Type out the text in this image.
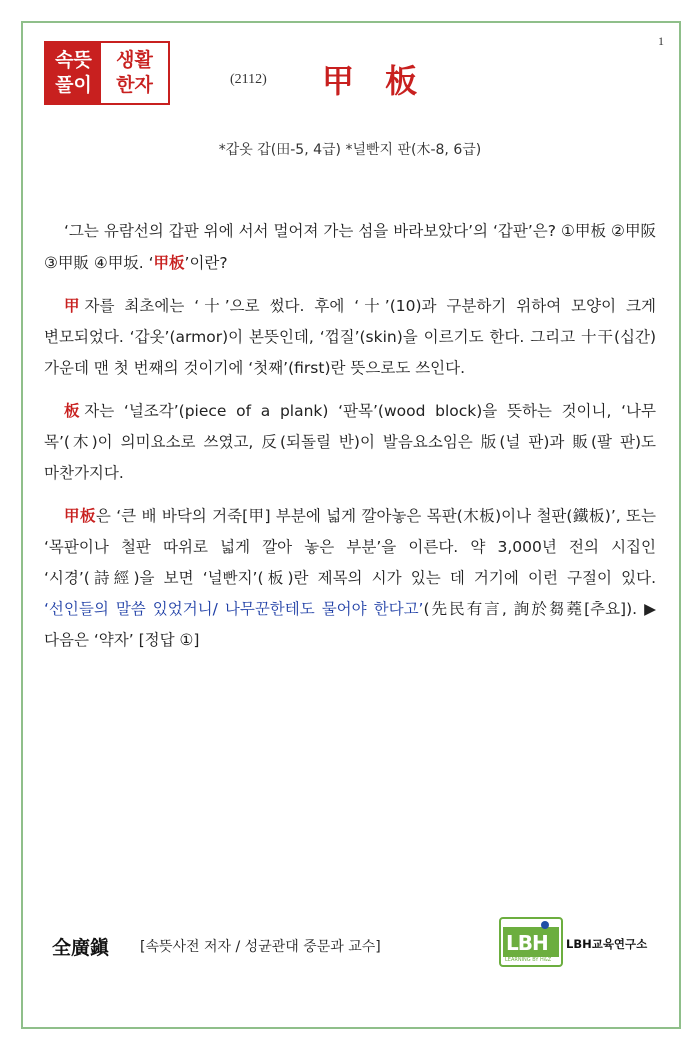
1
속뜻
풀이
생활
한자	(2112) 甲 板
*갑옷 갑(田-5, 4급) *널빤지 판(木-8, 6급)

‘그는 유람선의 갑판 위에 서서 멀어져 가는 섬을 바라보았다’의 ‘갑판’은? ①甲板 ②甲阪 ③甲販 ④甲坂. ‘甲板’이란?

甲자를 최초에는 ‘十’으로 썼다. 후에 ‘十’(10)과 구분하기 위하여 모양이 크게 변모되었다. ‘갑옷’(armor)이 본뜻인데, ‘껍질’(skin)을 이르기도 한다. 그리고 十干(십간) 가운데 맨 첫 번째의 것이기에 ‘첫째’(first)란 뜻으로도 쓰인다.

板자는 ‘널조각’(piece of a plank) ‘판목’(wood block)을 뜻하는 것이니, ‘나무 목’(木)이 의미요소로 쓰였고, 反(되돌릴 반)이 발음요소임은 版(널 판)과 販(팔 판)도 마찬가지다.

甲板은 ‘큰 배 바닥의 거죽[甲] 부분에 넓게 깔아놓은 목판(木板)이나 철판(鐵板)’, 또는 ‘목판이나 철판 따위로 넓게 깔아 놓은 부분’을 이른다. 약 3,000년 전의 시집인 ‘시경’(詩經)을 보면 ‘널빤지’(板)란 제목의 시가 있는 데 거기에 이런 구절이 있다. ‘선인들의 말씀 있었거니/ 나무꾼한테도 물어야 한다고’(先民有言, 詢於芻蕘[추요]). ▶ 다음은 ‘약자’ [정답 ①]

全廣鎭 [속뜻사전 저자 / 성균관대 중문과 교수]	LBH
LEARNING BY H&Z
LBH교육연구소
